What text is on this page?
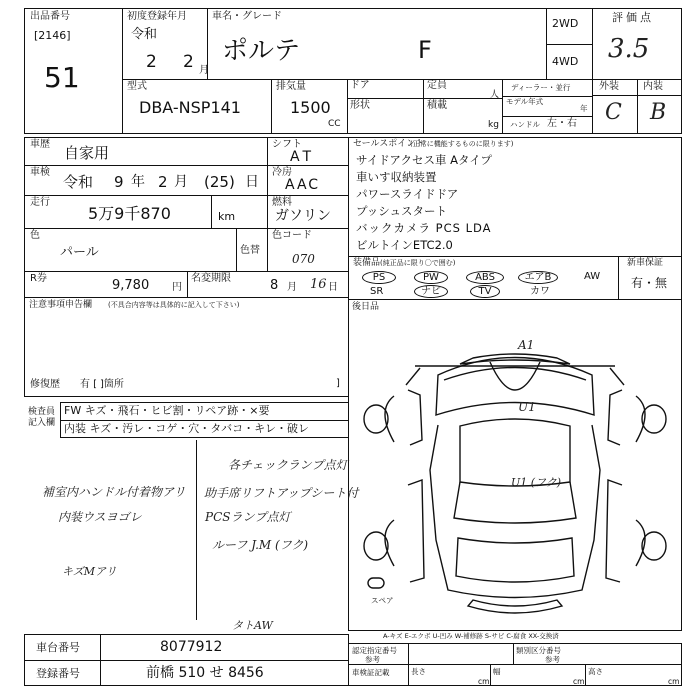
出品番号
[2146]
51
初度登録年月
令和
2 2 月
車名・グレード
ポルテ	F
2WD
4WD
評価点
3.5
型式
DBA-NSP141
排気量
1500
CC
ドア
形状
定員
人
積載
kg
ディーラー・並行
モデル年式
年
ハンドル 左・右
外装 内装
C B
車歴 自家用	シフト
AT
車検
令和 9 年 2 月 (25) 日
冷房
AAC
走行
5万9千870	km
燃料
ガソリン
色
パール	色替
色コード
070
R券	9,780 円
名変期限	8 月 16 日
注意事項申告欄 (不具合内容等は具体的に記入して下さい)
修復歴 有 [ ]箇所	]
セールスポイント
(正常に機能するものに限ります)
サイドアクセス車 Aタイプ
車いす収納装置
パワースライドドア
プッシュスタート
バックカメラ PCS LDA
ビルトインETC2.0
装備品 (純正品に限り〇で囲む)
PS	PW	ABS	エアB	AW
SR	ナビ	TV	カワ
新車保証
有・無
後日品
A1
U1
U1 (フク)
スペア
A-キズ E-エクボ U-凹み W-補修跡 S-サビ C-腐食 XX-交換済
検査員記入欄
FW キズ・飛石・ヒビ割・リペア跡・×要
内装 キズ・汚レ・コゲ・穴・タバコ・キレ・破レ
補室内ハンドル付着物アリ
内装ウスヨゴレ
キズMアリ
各チェックランプ点灯
助手席リフトアップシート付
PCSランプ点灯
ルーフ J.M (フク)
タトAW
車台番号	8077912
登録番号	前橋 510 せ 8456
認定指定番号
参考
類別区分番号
参考
車検証記載	長さ	幅	高さ
cm	cm	cm
